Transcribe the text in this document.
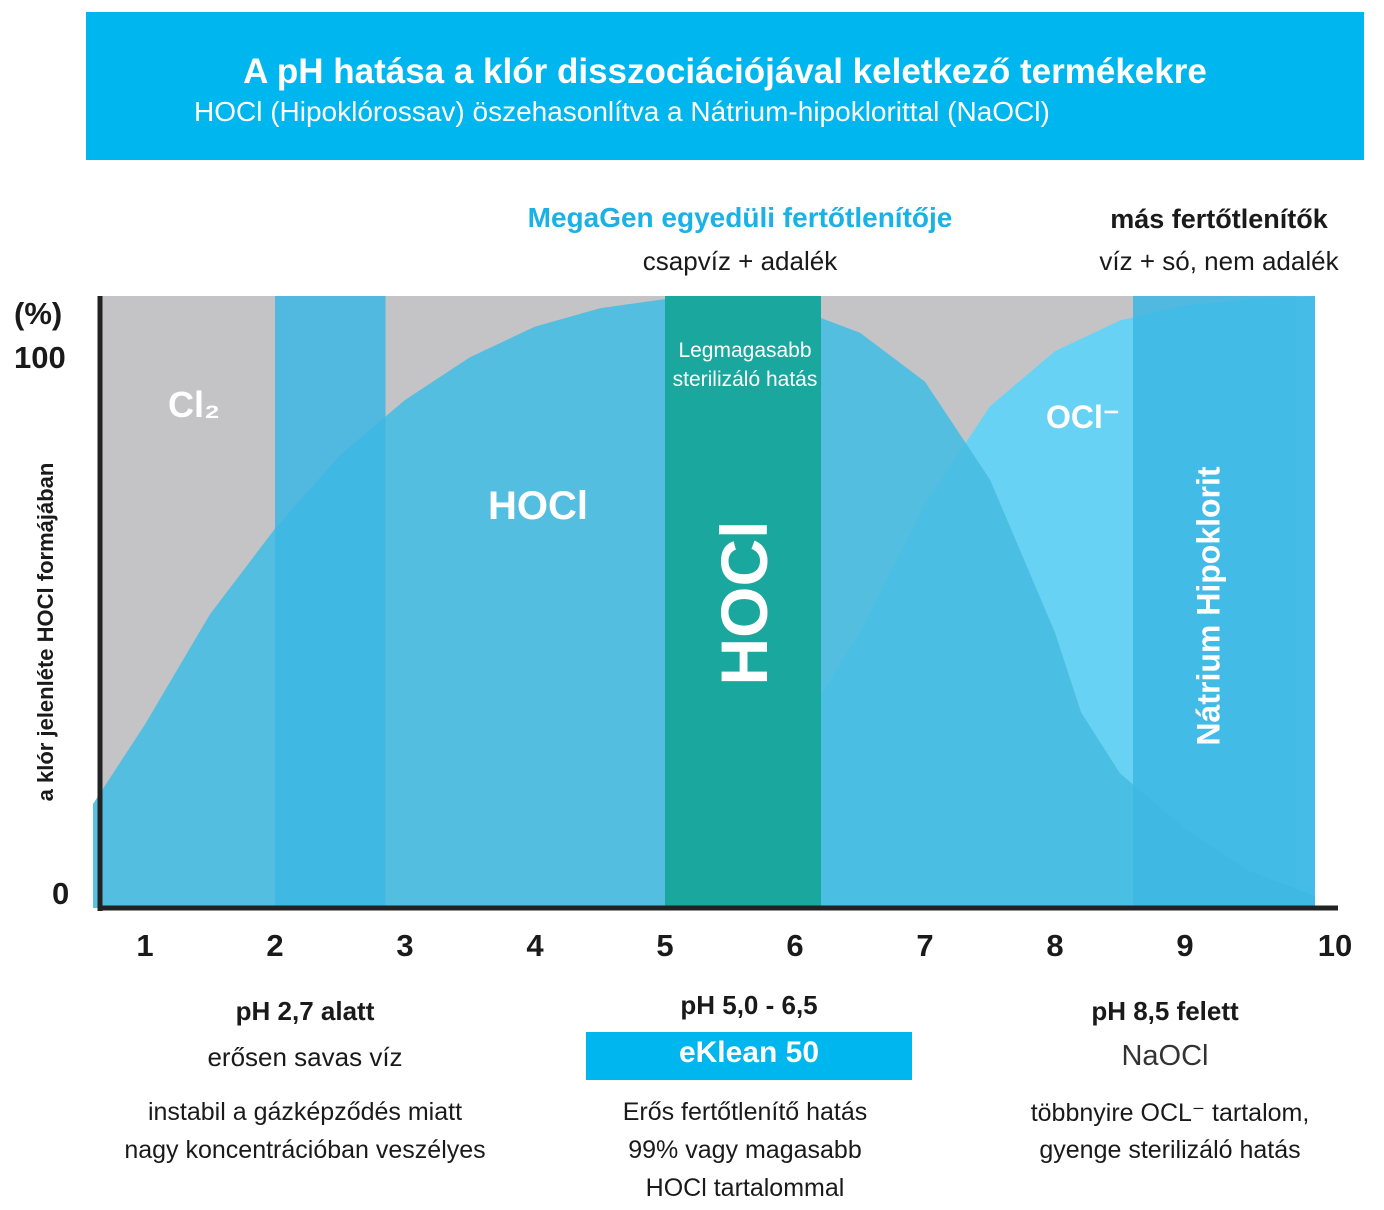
A pH hatása a klór disszociációjával keletkező termékekre
HOCl (Hipoklórossav) öszehasonlítva a Nátrium-hipoklorittal (NaOCl)
MegaGen egyedüli fertőtlenítője
csapvíz + adalék
más fertőtlenítők
víz + só, nem adalék
(%)
100
0
a klór jelenléte HOCl formájában
1	2	3	4	5	6	7	8	9	10
Cl₂
HOCl
OCl⁻
Legmagasabb sterilizáló hatás
HOCl	Nátrium Hipoklorit
pH 2,7 alatt
erősen savas víz
instabil a gázképződés miatt
nagy koncentrációban veszélyes
pH 5,0 - 6,5
eKlean 50
Erős fertőtlenítő hatás
99% vagy magasabb
HOCl tartalommal
pH 8,5 felett
NaOCl
többnyire OCL⁻ tartalom,
gyenge sterilizáló hatás
